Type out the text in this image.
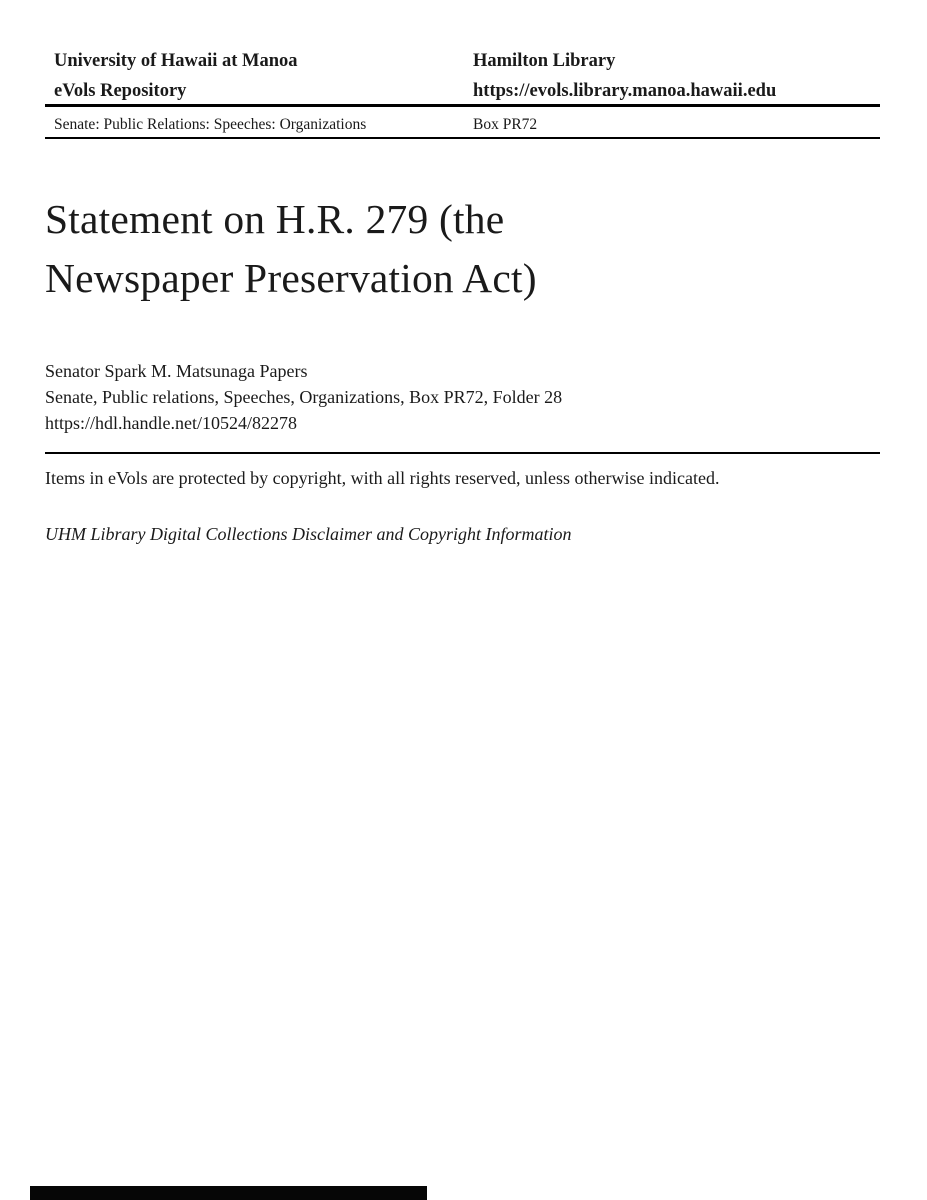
University of Hawaii at Manoa
eVols Repository
Hamilton Library
https://evols.library.manoa.hawaii.edu
Senate: Public Relations: Speeches: Organizations	Box PR72
Statement on H.R. 279 (the
Newspaper Preservation Act)
Senator Spark M. Matsunaga Papers
Senate, Public relations, Speeches, Organizations, Box PR72, Folder 28
https://hdl.handle.net/10524/82278
Items in eVols are protected by copyright, with all rights reserved, unless otherwise indicated.
UHM Library Digital Collections Disclaimer and Copyright Information
